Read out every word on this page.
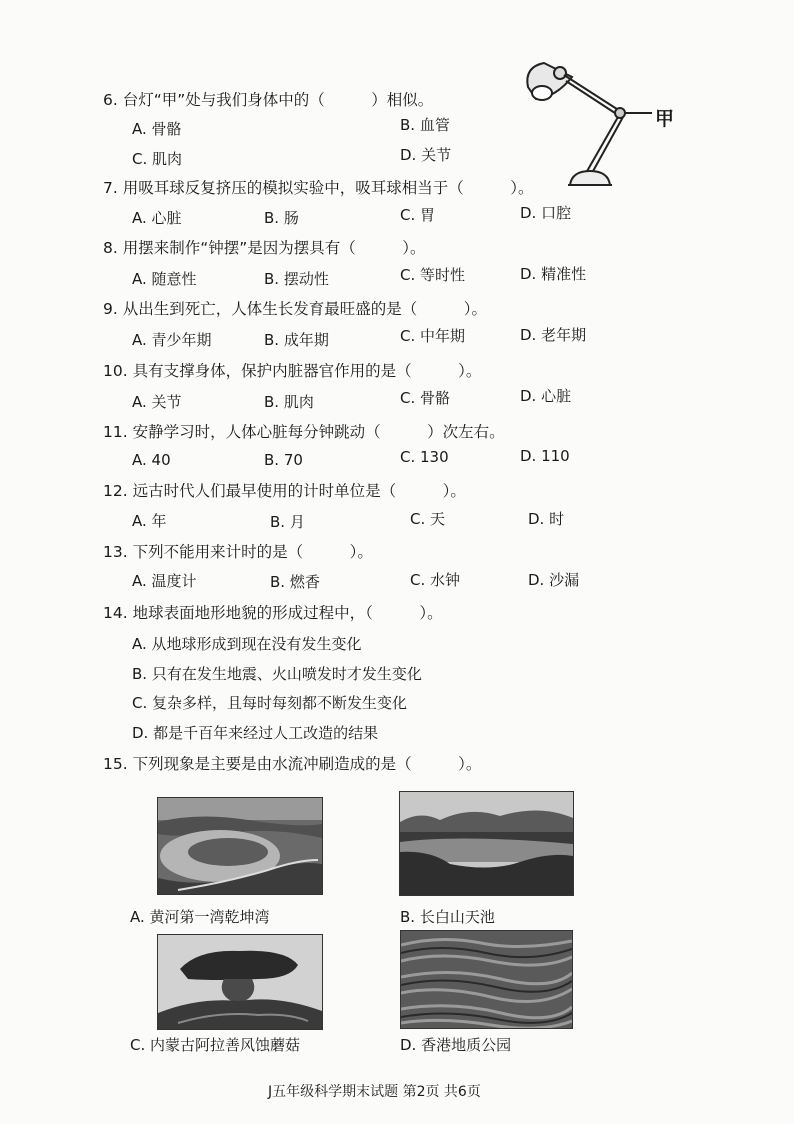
甲
6. 台灯“甲”处与我们身体中的（　　　）相似。
A. 骨骼	B. 血管
C. 肌肉	D. 关节
7. 用吸耳球反复挤压的模拟实验中，吸耳球相当于（　　　）。
A. 心脏	B. 肠	C. 胃	D. 口腔
8. 用摆来制作“钟摆”是因为摆具有（　　　）。
A. 随意性	B. 摆动性	C. 等时性	D. 精准性
9. 从出生到死亡，人体生长发育最旺盛的是（　　　）。
A. 青少年期	B. 成年期	C. 中年期	D. 老年期
10. 具有支撑身体，保护内脏器官作用的是（　　　）。
A. 关节	B. 肌肉	C. 骨骼	D. 心脏
11. 安静学习时，人体心脏每分钟跳动（　　　）次左右。
A. 40	B. 70	C. 130	D. 110
12. 远古时代人们最早使用的计时单位是（　　　）。
A. 年	B. 月	C. 天	D. 时
13. 下列不能用来计时的是（　　　）。
A. 温度计	B. 燃香	C. 水钟	D. 沙漏
14. 地球表面地形地貌的形成过程中，（　　　）。
A. 从地球形成到现在没有发生变化
B. 只有在发生地震、火山喷发时才发生变化
C. 复杂多样，且每时每刻都不断发生变化
D. 都是千百年来经过人工改造的结果
15. 下列现象是主要是由水流冲刷造成的是（　　　）。
A. 黄河第一湾乾坤湾	B. 长白山天池
C. 内蒙古阿拉善风蚀蘑菇	D. 香港地质公园
J五年级科学期末试题 第2页 共6页
